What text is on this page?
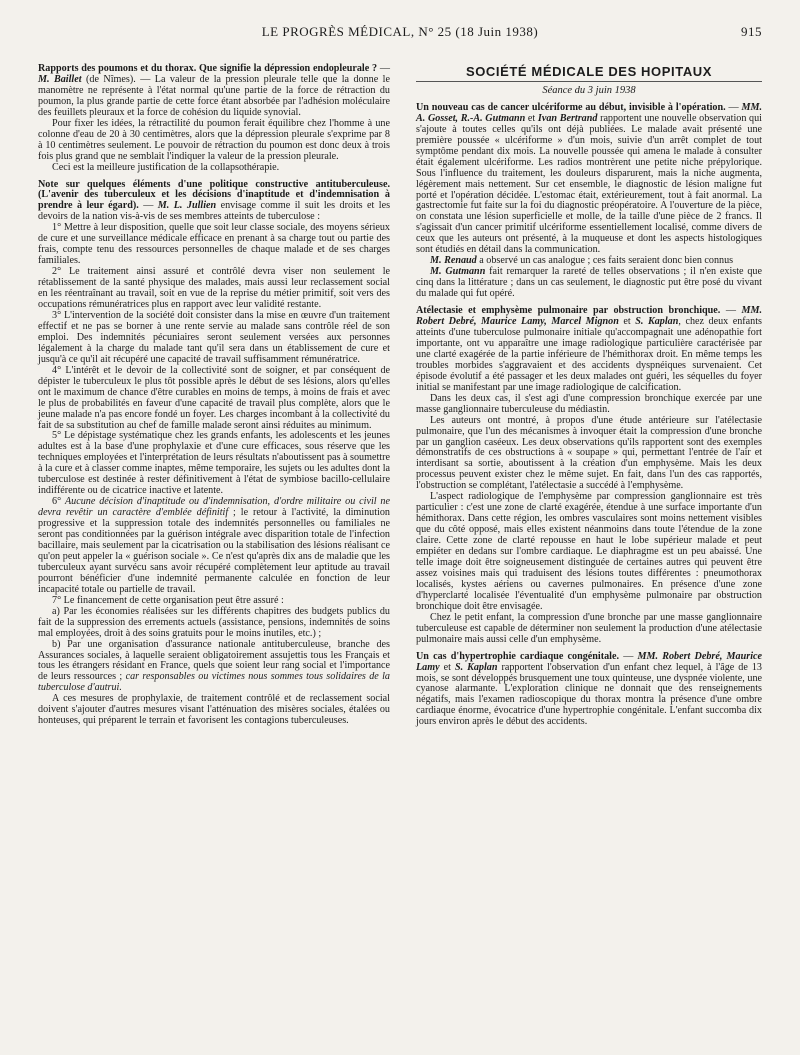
LE PROGRÈS MÉDICAL, N° 25 (18 Juin 1938)	915

Rapports des poumons et du thorax. Que signifie la dépression endopleurale ? — M. Baillet (de Nîmes). — La valeur de la pression pleurale telle que la donne le manomètre ne représente à l'état normal qu'une partie de la force de rétraction du poumon, la plus grande partie de cette force étant absorbée par l'adhésion moléculaire des feuillets pleuraux et la force de cohésion du liquide synovial.

Pour fixer les idées, la rétractilité du poumon ferait équilibre chez l'homme à une colonne d'eau de 20 à 30 centimètres, alors que la dépression pleurale s'exprime par 8 à 10 centimètres seulement. Le pouvoir de rétraction du poumon est donc deux à trois fois plus grand que ne semblait l'indiquer la valeur de la pression pleurale.

Ceci est la meilleure justification de la collapsothérapie.

Note sur quelques éléments d'une politique constructive antituberculeuse. (L'avenir des tuberculeux et les décisions d'inaptitude et d'indemnisation à prendre à leur égard). — M. L. Jullien envisage comme il suit les droits et les devoirs de la nation vis-à-vis de ses membres atteints de tuberculose :

1° Mettre à leur disposition, quelle que soit leur classe sociale, des moyens sérieux de cure et une surveillance médicale efficace en prenant à sa charge tout ou partie des frais, compte tenu des ressources personnelles de chaque malade et de ses charges familiales.

2° Le traitement ainsi assuré et contrôlé devra viser non seulement le rétablissement de la santé physique des malades, mais aussi leur reclassement social en les réentraînant au travail, soit en vue de la reprise du métier primitif, soit vers des occupations rémunératrices plus en rapport avec leur validité restante.

3° L'intervention de la société doit consister dans la mise en œuvre d'un traitement effectif et ne pas se borner à une rente servie au malade sans contrôle réel de son emploi. Des indemnités pécuniaires seront seulement versées aux personnes légalement à la charge du malade tant qu'il sera dans un établissement de cure et jusqu'à ce qu'il ait récupéré une capacité de travail suffisamment rémunératrice.

4° L'intérêt et le devoir de la collectivité sont de soigner, et par conséquent de dépister le tuberculeux le plus tôt possible après le début de ses lésions, alors qu'elles ont le maximum de chance d'être curables en moins de temps, à moins de frais et avec le plus de probabilités en faveur d'une capacité de travail plus complète, alors que le jeune malade n'a pas encore fondé un foyer. Les charges incombant à la collectivité du fait de sa substitution au chef de famille malade seront ainsi réduites au minimum.

5° Le dépistage systématique chez les grands enfants, les adolescents et les jeunes adultes est à la base d'une prophylaxie et d'une cure efficaces, sous réserve que les techniques employées et l'interprétation de leurs résultats n'aboutissent pas à soumettre à la cure et à classer comme inaptes, même temporaire, les sujets ou les adultes dont la tuberculose est destinée à rester définitivement à l'état de symbiose bacillo-cellulaire indifférente ou de cicatrice inactive et latente.

6° Aucune décision d'inaptitude ou d'indemnisation, d'ordre militaire ou civil ne devra revêtir un caractère d'emblée définitif ; le retour à l'activité, la diminution progressive et la suppression totale des indemnités personnelles ou familiales ne seront pas conditionnées par la guérison intégrale avec disparition totale de l'infection bacillaire, mais seulement par la cicatrisation ou la stabilisation des lésions réalisant ce qu'on peut appeler la « guérison sociale ». Ce n'est qu'après dix ans de maladie que les tuberculeux ayant survécu sans avoir récupéré complètement leur aptitude au travail pourront bénéficier d'une indemnité permanente calculée en fonction de leur incapacité totale ou partielle de travail.

7° Le financement de cette organisation peut être assuré :

a) Par les économies réalisées sur les différents chapitres des budgets publics du fait de la suppression des errements actuels (assistance, pensions, indemnités de soins mal employées, droit à des soins gratuits pour le moins inutiles, etc.) ;

b) Par une organisation d'assurance nationale antituberculeuse, branche des Assurances sociales, à laquelle seraient obligatoirement assujettis tous les Français et tous les étrangers résidant en France, quels que soient leur rang social et l'importance de leurs ressources ; car responsables ou victimes nous sommes tous solidaires de la tuberculose d'autrui.

A ces mesures de prophylaxie, de traitement contrôlé et de reclassement social doivent s'ajouter d'autres mesures visant l'atténuation des misères sociales, étalées ou honteuses, qui préparent le terrain et favorisent les contagions tuberculeuses.

SOCIÉTÉ MÉDICALE DES HOPITAUX
Séance du 3 juin 1938

Un nouveau cas de cancer ulcériforme au début, invisible à l'opération. — MM. A. Gosset, R.-A. Gutmann et Ivan Bertrand rapportent une nouvelle observation qui s'ajoute à toutes celles qu'ils ont déjà publiées. Le malade avait présenté une première poussée « ulcériforme » d'un mois, suivie d'un arrêt complet de tout symptôme pendant dix mois. La nouvelle poussée qui amena le malade à consulter était également ulcériforme. Les radios montrèrent une petite niche prépylorique. Sous l'influence du traitement, les douleurs disparurent, mais la niche augmenta, légèrement mais nettement. Sur cet ensemble, le diagnostic de lésion maligne fut porté et l'opération décidée. L'estomac était, extérieurement, tout à fait anormal. La gastrectomie fut faite sur la foi du diagnostic préopératoire. A l'ouverture de la pièce, on constata une lésion superficielle et molle, de la taille d'une pièce de 2 francs. Il s'agissait d'un cancer primitif ulcériforme essentiellement localisé, comme divers de ceux que les auteurs ont présenté, à la muqueuse et dont les aspects histologiques sont étudiés en détail dans la communication.

M. Renaud a observé un cas analogue ; ces faits seraient donc bien connus

M. Gutmann fait remarquer la rareté de telles observations ; il n'en existe que cinq dans la littérature ; dans un cas seulement, le diagnostic put être posé du vivant du malade qui fut opéré.

Atélectasie et emphysème pulmonaire par obstruction bronchique. — MM. Robert Debré, Maurice Lamy, Marcel Mignon et S. Kaplan, chez deux enfants atteints d'une tuberculose pulmonaire initiale qu'accompagnait une adénopathie fort importante, ont vu apparaître une image radiologique particulière caractérisée par une clarté exagérée de la partie inférieure de l'hémithorax droit. En même temps les troubles morbides s'aggravaient et des accidents dyspnéiques survenaient. Cet épisode évolutif a été passager et les deux malades ont guéri, les séquelles du foyer initial se manifestant par une image radiologique de calcification.

Dans les deux cas, il s'est agi d'une compression bronchique exercée par une masse ganglionnaire tuberculeuse du médiastin.

Les auteurs ont montré, à propos d'une étude antérieure sur l'atélectasie pulmonaire, que l'un des mécanismes à invoquer était la compression d'une bronche par un ganglion caséeux. Les deux observations qu'ils rapportent sont des exemples démonstratifs de ces obstructions à « soupape » qui, permettant l'entrée de l'air et interdisant sa sortie, aboutissent à la création d'un emphysème. Mais les deux processus peuvent exister chez le même sujet. En fait, dans l'un des cas rapportés, l'obstruction se complétant, l'atélectasie a succédé à l'emphysème.

L'aspect radiologique de l'emphysème par compression ganglionnaire est très particulier : c'est une zone de clarté exagérée, étendue à une surface importante d'un hémithorax. Dans cette région, les ombres vasculaires sont moins nettement visibles que du côté opposé, mais elles existent néanmoins dans toute l'étendue de la zone claire. Cette zone de clarté repousse en haut le lobe supérieur malade et peut empiéter en dedans sur l'ombre cardiaque. Le diaphragme est un peu abaissé. Une telle image doit être soigneusement distinguée de certaines autres qui peuvent être assez voisines mais qui traduisent des lésions toutes différentes : pneumothorax localisés, kystes aériens ou cavernes pulmonaires. En présence d'une zone d'hyperclarté localisée l'éventualité d'un emphysème pulmonaire par obstruction bronchique doit être envisagée.

Chez le petit enfant, la compression d'une bronche par une masse ganglionnaire tuberculeuse est capable de déterminer non seulement la production d'une atélectasie pulmonaire mais aussi celle d'un emphysème.

Un cas d'hypertrophie cardiaque congénitale. — MM. Robert Debré, Maurice Lamy et S. Kaplan rapportent l'observation d'un enfant chez lequel, à l'âge de 13 mois, se sont développés brusquement une toux quinteuse, une dyspnée violente, une cyanose alarmante. L'exploration clinique ne donnait que des renseignements négatifs, mais l'examen radioscopique du thorax montra la présence d'une ombre cardiaque énorme, évocatrice d'une hypertrophie congénitale. L'enfant succomba dix jours environ après le début des accidents.
